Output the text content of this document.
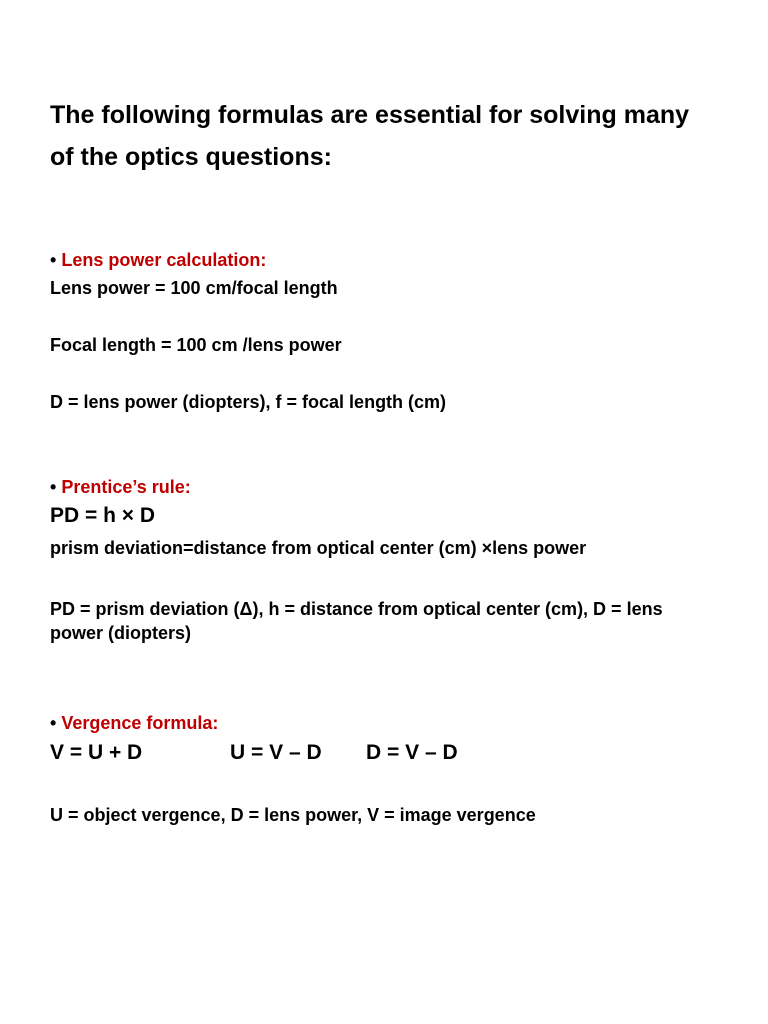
The following formulas are essential for solving many of the optics questions:
• Lens power calculation:
Lens power = 100 cm/focal length
Focal length = 100 cm /lens power
D = lens power (diopters), f = focal length (cm)
• Prentice’s rule:
PD = h × D
prism deviation=distance from optical center (cm) ×lens power
PD = prism deviation (Δ), h = distance from optical center (cm), D = lens power (diopters)
• Vergence formula:
V = U + D	U = V – D D = V – D
U = object vergence, D = lens power, V = image vergence
